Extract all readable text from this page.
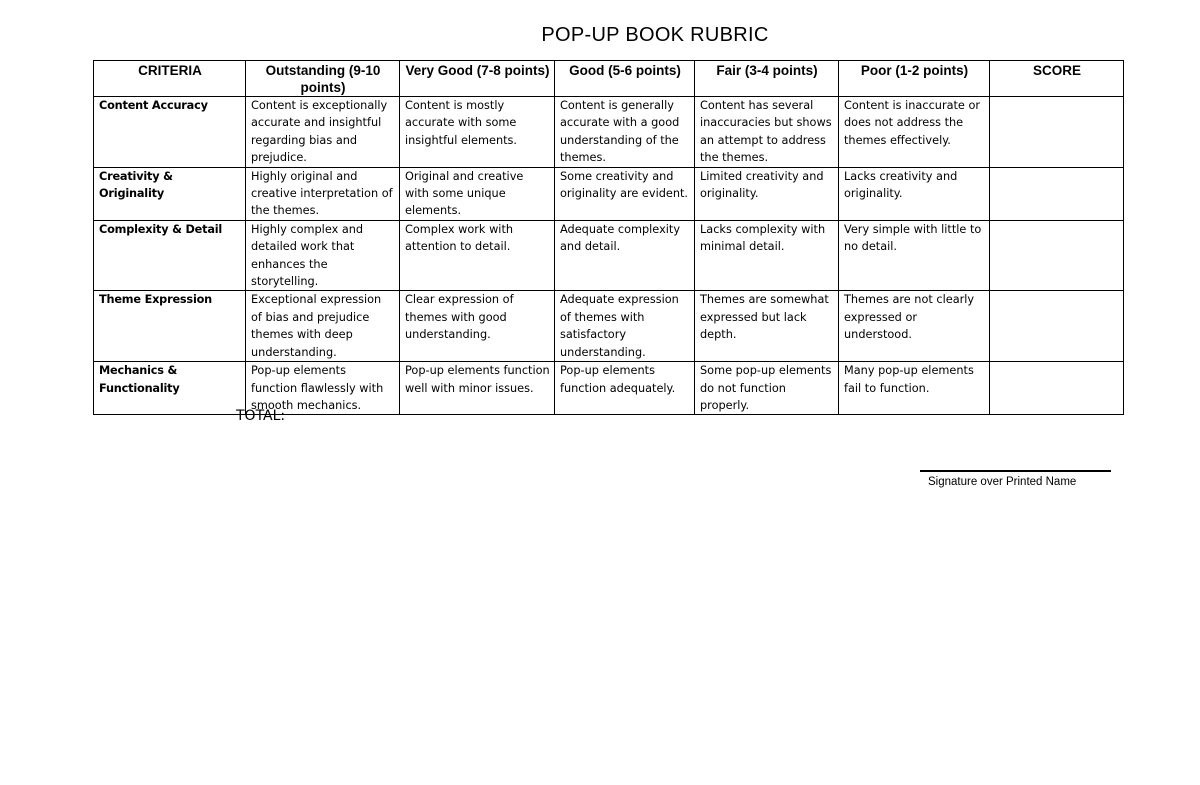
POP-UP BOOK RUBRIC
CRITERIA	Outstanding (9-10 points)	Very Good (7-8 points)	Good (5-6 points)	Fair (3-4 points)	Poor (1-2 points)	SCORE
Content Accuracy	Content is exceptionally accurate and insightful regarding bias and prejudice.	Content is mostly accurate with some insightful elements.	Content is generally accurate with a good understanding of the themes.	Content has several inaccuracies but shows an attempt to address the themes.	Content is inaccurate or does not address the themes effectively.	
Creativity & Originality	Highly original and creative interpretation of the themes.	Original and creative with some unique elements.	Some creativity and originality are evident.	Limited creativity and originality.	Lacks creativity and originality.	
Complexity & Detail	Highly complex and detailed work that enhances the storytelling.	Complex work with attention to detail.	Adequate complexity and detail.	Lacks complexity with minimal detail.	Very simple with little to no detail.	
Theme Expression	Exceptional expression of bias and prejudice themes with deep understanding.	Clear expression of themes with good understanding.	Adequate expression of themes with satisfactory understanding.	Themes are somewhat expressed but lack depth.	Themes are not clearly expressed or understood.	
Mechanics & Functionality	Pop-up elements function flawlessly with smooth mechanics.	Pop-up elements function well with minor issues.	Pop-up elements function adequately.	Some pop-up elements do not function properly.	Many pop-up elements fail to function.	
TOTAL:
Signature over Printed Name
